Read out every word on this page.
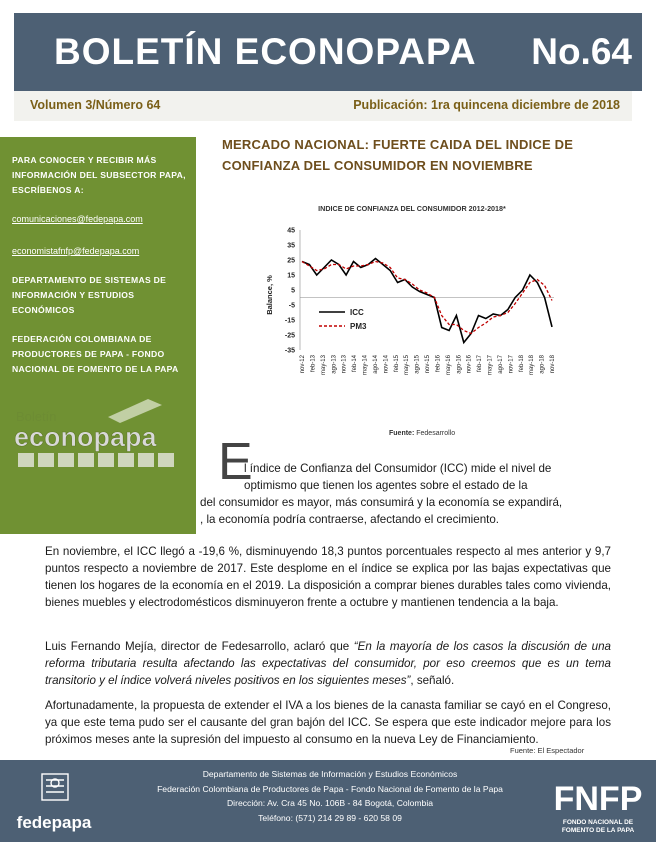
BOLETÍN ECONOPAPA No.64
Volumen 3/Número 64	Publicación: 1ra quincena diciembre de 2018
PARA CONOCER Y RECIBIR MÁS INFORMACIÓN DEL SUBSECTOR PAPA, ESCRÍBENOS A:
comunicaciones@fedepapa.com
economistafnfp@fedepapa.com
DEPARTAMENTO DE SISTEMAS DE INFORMACIÓN Y ESTUDIOS ECONÓMICOS
FEDERACIÓN COLOMBIANA DE PRODUCTORES DE PAPA - FONDO NACIONAL DE FOMENTO DE LA PAPA
Boletín
econopapa
MERCADO NACIONAL: FUERTE CAIDA DEL INDICE DE
CONFIANZA DEL CONSUMIDOR EN NOVIEMBRE
INDICE DE CONFIANZA DEL CONSUMIDOR 2012-2018*
Balance, %
45
35
25
15
5
-5
-15
-25
-35
nov-12 feb-13 may-13 ago-13 nov-13 feb-14 may-14 ago-14 nov-14 feb-15 may-15 ago-15 nov-15 feb-16 may-16 ago-16 nov-16 feb-17 may-17 ago-17 nov-17 feb-18 may-18 ago-18 nov-18
ICC
PM3
Fuente: Fedesarrollo
E
l índice de Confianza del Consumidor (ICC) mide el nivel de
optimismo que tienen los agentes sobre el estado de la
del consumidor es mayor, más consumirá y la economía se expandirá,
, la economía podría contraerse, afectando el crecimiento.
En noviembre, el ICC llegó a -19,6 %, disminuyendo 18,3 puntos porcentuales respecto al mes anterior y 9,7 puntos respecto a noviembre de 2017. Este desplome en el índice se explica por las bajas expectativas que tienen los hogares de la economía en el 2019. La disposición a comprar bienes durables tales como vivienda, bienes muebles y electrodomésticos disminuyeron frente a octubre y mantienen tendencia a la baja.
Luis Fernando Mejía, director de Fedesarrollo, aclaró que “En la mayoría de los casos la discusión de una reforma tributaria resulta afectando las expectativas del consumidor, por eso creemos que es un tema transitorio y el índice volverá niveles positivos en los siguientes meses”, señaló.
Afortunadamente, la propuesta de extender el IVA a los bienes de la canasta familiar se cayó en el Congreso, ya que este tema pudo ser el causante del gran bajón del ICC. Se espera que este indicador mejore para los próximos meses ante la supresión del impuesto al consumo en la nueva Ley de Financiamiento.
Fuente: El Espectador
fedepapa
Departamento de Sistemas de Información y Estudios Económicos
Federación Colombiana de Productores de Papa - Fondo Nacional de Fomento de la Papa
Dirección: Av. Cra 45 No. 106B - 84 Bogotá, Colombia
Teléfono: (571) 214 29 89 - 620 58 09	FNFP
FONDO NACIONAL DE
FOMENTO DE LA PAPA
